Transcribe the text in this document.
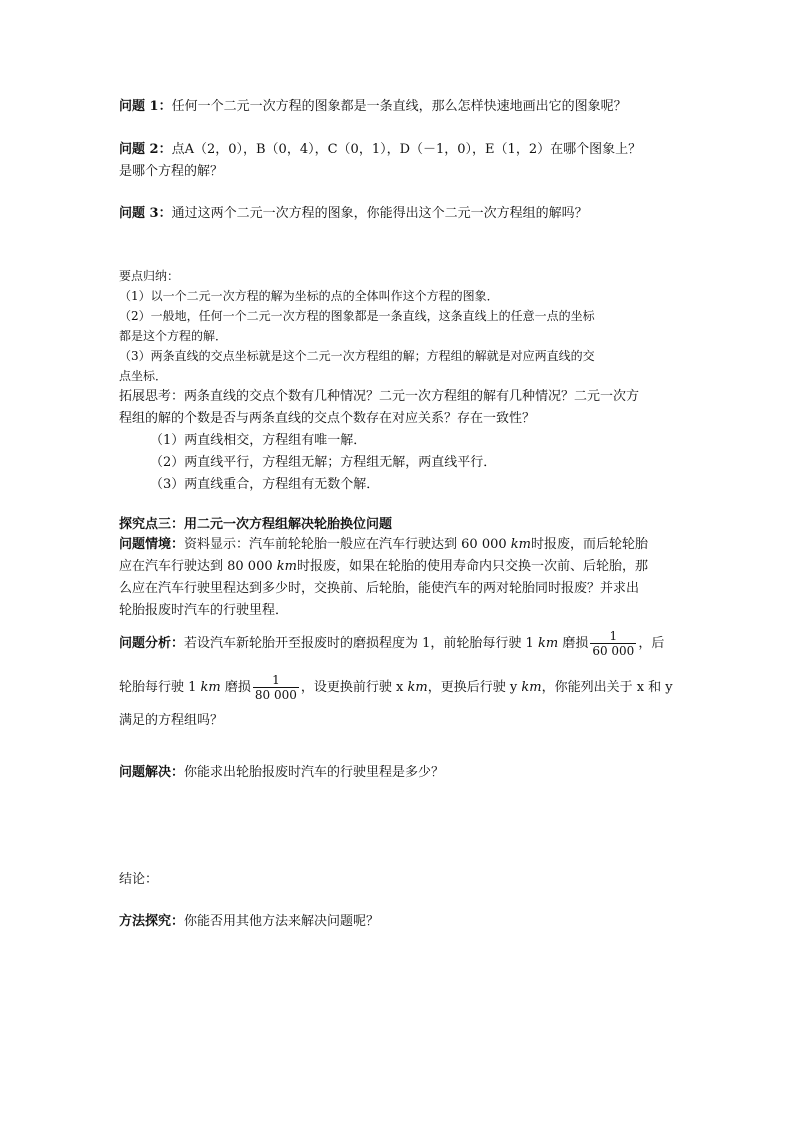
问题 1：任何一个二元一次方程的图象都是一条直线，那么怎样快速地画出它的图象呢？
问题 2：点A（2，0），B（0，4），C（0，1），D（－1，0），E（1，2）在哪个图象上？
是哪个方程的解？
问题 3：通过这两个二元一次方程的图象，你能得出这个二元一次方程组的解吗？
要点归纳：
（1）以一个二元一次方程的解为坐标的点的全体叫作这个方程的图象．
（2）一般地，任何一个二元一次方程的图象都是一条直线，这条直线上的任意一点的坐标
都是这个方程的解．
（3）两条直线的交点坐标就是这个二元一次方程组的解；方程组的解就是对应两直线的交
点坐标．
拓展思考：两条直线的交点个数有几种情况？二元一次方程组的解有几种情况？二元一次方
程组的解的个数是否与两条直线的交点个数存在对应关系？存在一致性？
（1）两直线相交，方程组有唯一解．
（2）两直线平行，方程组无解；方程组无解，两直线平行．
（3）两直线重合，方程组有无数个解．
探究点三：用二元一次方程组解决轮胎换位问题
问题情境：资料显示：汽车前轮轮胎一般应在汽车行驶达到 60 000 km时报废，而后轮轮胎
应在汽车行驶达到 80 000 km时报废，如果在轮胎的使用寿命内只交换一次前、后轮胎，那
么应在汽车行驶里程达到多少时，交换前、后轮胎，能使汽车的两对轮胎同时报废？并求出
轮胎报废时汽车的行驶里程．
问题分析：若设汽车新轮胎开至报废时的磨损程度为 1，前轮胎每行驶 1 km 磨损 $\frac{1}{60 000}$ ，后
轮胎每行驶 1 km 磨损 $\frac{1}{80 000}$ ，设更换前行驶 x km，更换后行驶 y km，你能列出关于 x 和 y
满足的方程组吗？
问题解决：你能求出轮胎报废时汽车的行驶里程是多少？
结论：
方法探究：你能否用其他方法来解决问题呢？
